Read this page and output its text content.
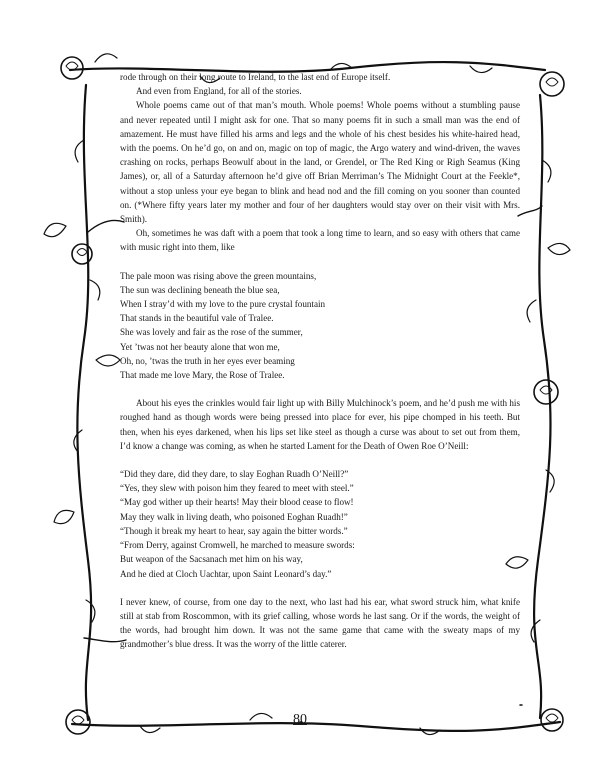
rode through on their long route to Ireland, to the last end of Europe itself.

And even from England, for all of the stories.

Whole poems came out of that man’s mouth. Whole poems! Whole poems without a stumbling pause and never repeated until I might ask for one. That so many poems fit in such a small man was the end of amazement. He must have filled his arms and legs and the whole of his chest besides his white-haired head, with the poems. On he’d go, on and on, magic on top of magic, the Argo watery and wind-driven, the waves crashing on rocks, perhaps Beowulf about in the land, or Grendel, or The Red King or Righ Seamus (King James), or, all of a Saturday afternoon he’d give off Brian Merriman’s The Midnight Court at the Feekle*, without a stop unless your eye began to blink and head nod and the fill coming on you sooner than counted on. (*Where fifty years later my mother and four of her daughters would stay over on their visit with Mrs. Smith).

Oh, sometimes he was daft with a poem that took a long time to learn, and so easy with others that came with music right into them, like

The pale moon was rising above the green mountains,

The sun was declining beneath the blue sea,

When I stray’d with my love to the pure crystal fountain

That stands in the beautiful vale of Tralee.

She was lovely and fair as the rose of the summer,

Yet ’twas not her beauty alone that won me,

Oh, no, ’twas the truth in her eyes ever beaming

That made me love Mary, the Rose of Tralee.

About his eyes the crinkles would fair light up with Billy Mulchinock’s poem, and he’d push me with his roughed hand as though words were being pressed into place for ever, his pipe chomped in his teeth. But then, when his eyes darkened, when his lips set like steel as though a curse was about to set out from them, I’d know a change was coming, as when he started Lament for the Death of Owen Roe O’Neill:

“Did they dare, did they dare, to slay Eoghan Ruadh O’Neill?”

“Yes, they slew with poison him they feared to meet with steel.”

“May god wither up their hearts! May their blood cease to flow!

May they walk in living death, who poisoned Eoghan Ruadh!”

“Though it break my heart to hear, say again the bitter words.”

“From Derry, against Cromwell, he marched to measure swords:

But weapon of the Sacsanach met him on his way,

And he died at Cloch Uachtar, upon Saint Leonard’s day.”

I never knew, of course, from one day to the next, who last had his ear, what sword struck him, what knife still at stab from Roscommon, with its grief calling, whose words he last sang. Or if the words, the weight of the words, had brought him down. It was not the same game that came with the sweaty maps of my grandmother’s blue dress. It was the worry of the little caterer.

80
